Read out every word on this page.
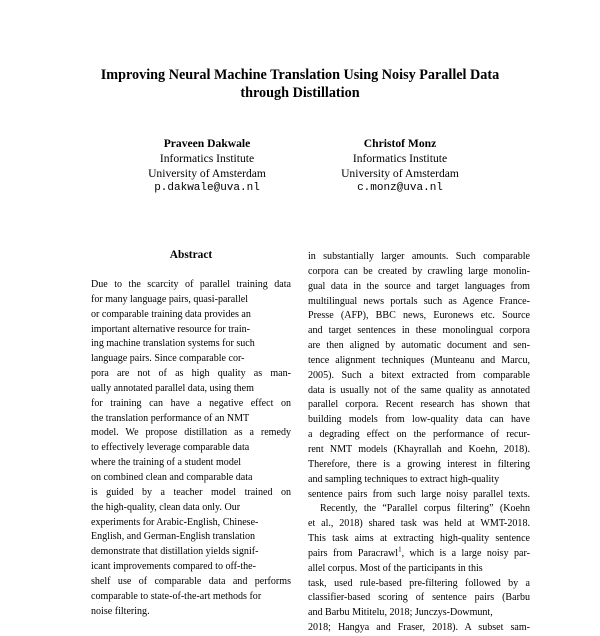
Improving Neural Machine Translation Using Noisy Parallel Data
through Distillation
Praveen Dakwale
Informatics Institute
University of Amsterdam
p.dakwale@uva.nl
Christof Monz
Informatics Institute
University of Amsterdam
c.monz@uva.nl
Abstract
Due to the scarcity of parallel training data
for many language pairs, quasi-parallel
or comparable training data provides an
important alternative resource for train-
ing machine translation systems for such
language pairs. Since comparable cor-
pora are not of as high quality as man-
ually annotated parallel data, using them
for training can have a negative effect on
the translation performance of an NMT
model. We propose distillation as a remedy
to effectively leverage comparable data
where the training of a student model
on combined clean and comparable data
is guided by a teacher model trained on
the high-quality, clean data only. Our
experiments for Arabic-English, Chinese-
English, and German-English translation
demonstrate that distillation yields signif-
icant improvements compared to off-the-
shelf use of comparable data and performs
comparable to state-of-the-art methods for
noise filtering.
in substantially larger amounts. Such comparable
corpora can be created by crawling large monolin-
gual data in the source and target languages from
multilingual news portals such as Agence France-
Presse (AFP), BBC news, Euronews etc. Source
and target sentences in these monolingual corpora
are then aligned by automatic document and sen-
tence alignment techniques (Munteanu and Marcu,
2005). Such a bitext extracted from comparable
data is usually not of the same quality as annotated
parallel corpora. Recent research has shown that
building models from low-quality data can have
a degrading effect on the performance of recur-
rent NMT models (Khayrallah and Koehn, 2018).
Therefore, there is a growing interest in filtering
and sampling techniques to extract high-quality
sentence pairs from such large noisy parallel texts.
Recently, the “Parallel corpus filtering” (Koehn
et al., 2018) shared task was held at WMT-2018.
This task aims at extracting high-quality sentence
pairs from Paracrawl$^1$, which is a large noisy par-
allel corpus. Most of the participants in this
task, used rule-based pre-filtering followed by a
classifier-based scoring of sentence pairs (Barbu
and Barbu Mititelu, 2018; Junczys-Dowmunt,
2018; Hangya and Fraser, 2018). A subset sam-
